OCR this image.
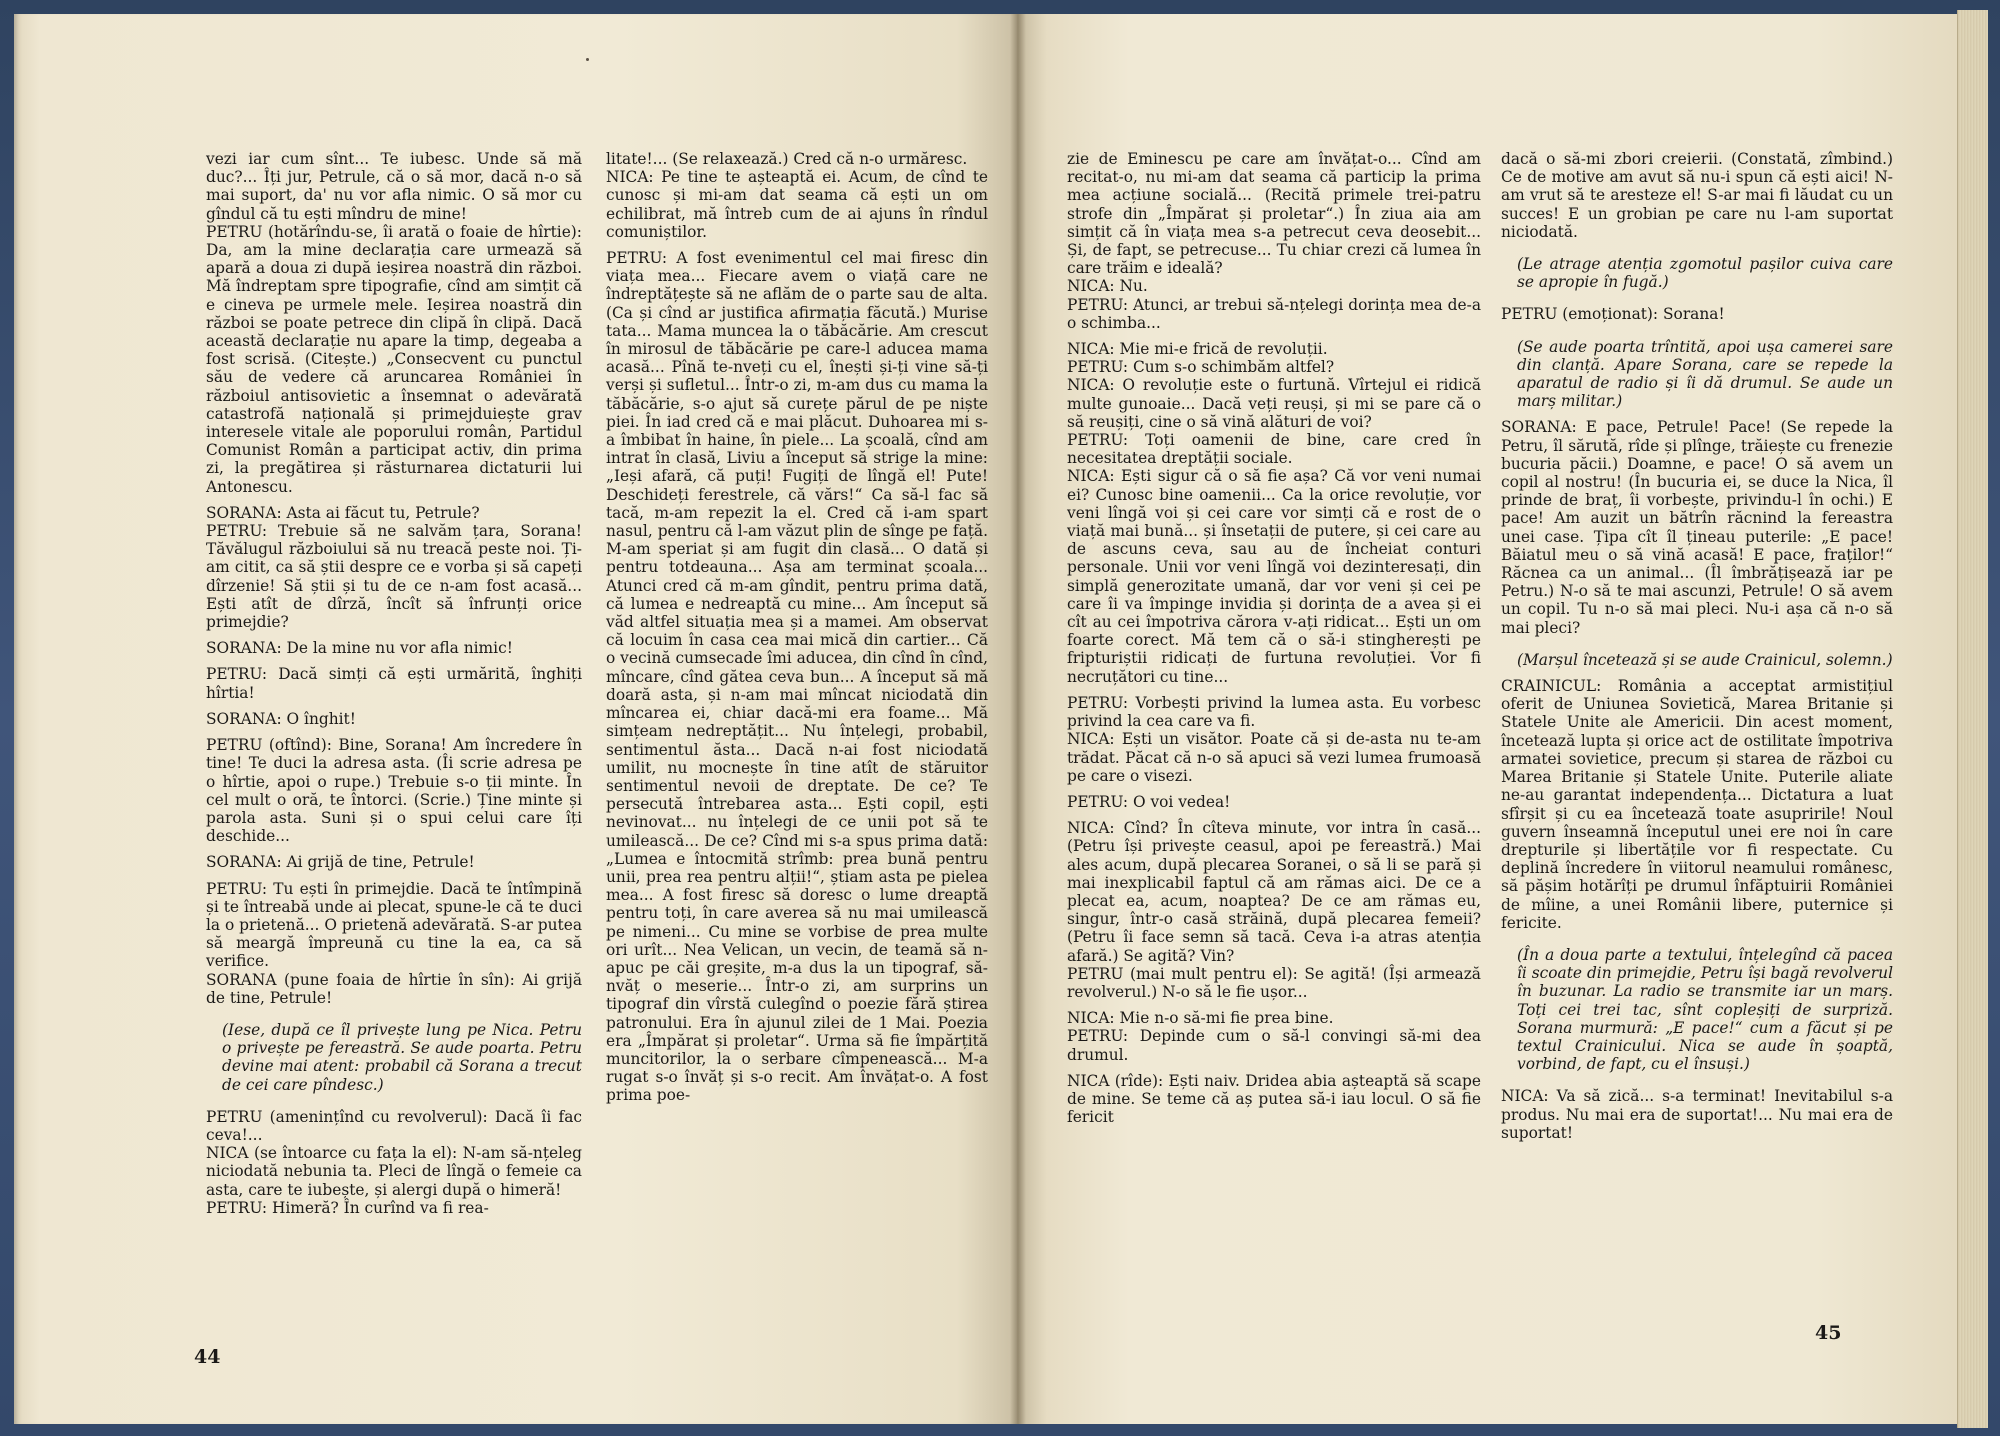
vezi iar cum sînt... Te iubesc. Unde să mă duc?... Îți jur, Petrule, că o să mor, dacă n-o să mai suport, da' nu vor afla nimic. O să mor cu gîndul că tu ești mîndru de mine!

PETRU (hotărîndu-se, îi arată o foaie de hîrtie): Da, am la mine declarația care urmează să apară a doua zi după ieșirea noastră din război. Mă îndreptam spre tipografie, cînd am simțit că e cineva pe urmele mele. Ieșirea noastră din război se poate petrece din clipă în clipă. Dacă această declarație nu apare la timp, degeaba a fost scrisă. (Citește.) „Consecvent cu punctul său de vedere că aruncarea României în războiul antisovietic a însemnat o adevărată catastrofă națională și primejduiește grav interesele vitale ale poporului român, Partidul Comunist Român a participat activ, din prima zi, la pregătirea și răsturnarea dictaturii lui Antonescu.

SORANA: Asta ai făcut tu, Petrule?

PETRU: Trebuie să ne salvăm țara, Sorana! Tăvălugul războiului să nu treacă peste noi. Ți-am citit, ca să știi despre ce e vorba și să capeți dîrzenie! Să știi și tu de ce n-am fost acasă... Ești atît de dîrză, încît să înfrunți orice primejdie?

SORANA: De la mine nu vor afla nimic!

PETRU: Dacă simți că ești urmărită, înghiți hîrtia!

SORANA: O înghit!

PETRU (oftînd): Bine, Sorana! Am încredere în tine! Te duci la adresa asta. (Îi scrie adresa pe o hîrtie, apoi o rupe.) Trebuie s-o ții minte. În cel mult o oră, te întorci. (Scrie.) Ține minte și parola asta. Suni și o spui celui care îți deschide...

SORANA: Ai grijă de tine, Petrule!

PETRU: Tu ești în primejdie. Dacă te întîmpină și te întreabă unde ai plecat, spune-le că te duci la o prietenă... O prietenă adevărată. S-ar putea să meargă împreună cu tine la ea, ca să verifice.

SORANA (pune foaia de hîrtie în sîn): Ai grijă de tine, Petrule!

(Iese, după ce îl privește lung pe Nica. Petru o privește pe fereastră. Se aude poarta. Petru devine mai atent: probabil că Sorana a trecut de cei care pîndesc.)

PETRU (amenințînd cu revolverul): Dacă îi fac ceva!...

NICA (se întoarce cu fața la el): N-am să-nțeleg niciodată nebunia ta. Pleci de lîngă o femeie ca asta, care te iubește, și alergi după o himeră!

PETRU: Himeră? În curînd va fi rea-

litate!... (Se relaxează.) Cred că n-o urmăresc.

NICA: Pe tine te așteaptă ei. Acum, de cînd te cunosc și mi-am dat seama că ești un om echilibrat, mă întreb cum de ai ajuns în rîndul comuniștilor.

PETRU: A fost evenimentul cel mai firesc din viața mea... Fiecare avem o viață care ne îndreptățește să ne aflăm de o parte sau de alta. (Ca și cînd ar justifica afirmația făcută.) Murise tata... Mama muncea la o tăbăcărie. Am crescut în mirosul de tăbăcărie pe care-l aducea mama acasă... Pînă te-nveți cu el, înești și-ți vine să-ți verși și sufletul... Într-o zi, m-am dus cu mama la tăbăcărie, s-o ajut să curețe părul de pe niște piei. În iad cred că e mai plăcut. Duhoarea mi s-a îmbibat în haine, în piele... La școală, cînd am intrat în clasă, Liviu a început să strige la mine: „Ieși afară, că puți! Fugiți de lîngă el! Pute! Deschideți ferestrele, că vărs!“ Ca să-l fac să tacă, m-am repezit la el. Cred că i-am spart nasul, pentru că l-am văzut plin de sînge pe față. M-am speriat și am fugit din clasă... O dată și pentru totdeauna... Așa am terminat școala... Atunci cred că m-am gîndit, pentru prima dată, că lumea e nedreaptă cu mine... Am început să văd altfel situația mea și a mamei. Am observat că locuim în casa cea mai mică din cartier... Că o vecină cumsecade îmi aducea, din cînd în cînd, mîncare, cînd gătea ceva bun... A început să mă doară asta, și n-am mai mîncat niciodată din mîncarea ei, chiar dacă-mi era foame... Mă simțeam nedreptățit... Nu înțelegi, probabil, sentimentul ăsta... Dacă n-ai fost niciodată umilit, nu mocnește în tine atît de stăruitor sentimentul nevoii de dreptate. De ce? Te persecută întrebarea asta... Ești copil, ești nevinovat... nu înțelegi de ce unii pot să te umilească... De ce? Cînd mi s-a spus prima dată: „Lumea e întocmită strîmb: prea bună pentru unii, prea rea pentru alții!“, știam asta pe pielea mea... A fost firesc să doresc o lume dreaptă pentru toți, în care averea să nu mai umilească pe nimeni... Cu mine se vorbise de prea multe ori urît... Nea Velican, un vecin, de teamă să n-apuc pe căi greșite, m-a dus la un tipograf, să-nvăț o meserie... Într-o zi, am surprins un tipograf din vîrstă culegînd o poezie fără știrea patronului. Era în ajunul zilei de 1 Mai. Poezia era „Împărat și proletar“. Urma să fie împărțită muncitorilor, la o serbare cîmpenească... M-a rugat s-o învăț și s-o recit. Am învățat-o. A fost prima poe-

44

zie de Eminescu pe care am învățat-o... Cînd am recitat-o, nu mi-am dat seama că particip la prima mea acțiune socială... (Recită primele trei-patru strofe din „Împărat și proletar“.) În ziua aia am simțit că în viața mea s-a petrecut ceva deosebit... Și, de fapt, se petrecuse... Tu chiar crezi că lumea în care trăim e ideală?

NICA: Nu.

PETRU: Atunci, ar trebui să-nțelegi dorința mea de-a o schimba...

NICA: Mie mi-e frică de revoluții.

PETRU: Cum s-o schimbăm altfel?

NICA: O revoluție este o furtună. Vîrtejul ei ridică multe gunoaie... Dacă veți reuși, și mi se pare că o să reușiți, cine o să vină alături de voi?

PETRU: Toți oamenii de bine, care cred în necesitatea dreptății sociale.

NICA: Ești sigur că o să fie așa? Că vor veni numai ei? Cunosc bine oamenii... Ca la orice revoluție, vor veni lîngă voi și cei care vor simți că e rost de o viață mai bună... și însetații de putere, și cei care au de ascuns ceva, sau au de încheiat conturi personale. Unii vor veni lîngă voi dezinteresați, din simplă generozitate umană, dar vor veni și cei pe care îi va împinge invidia și dorința de a avea și ei cît au cei împotriva cărora v-ați ridicat... Ești un om foarte corect. Mă tem că o să-i stingherești pe fripturiștii ridicați de furtuna revoluției. Vor fi necruțători cu tine...

PETRU: Vorbești privind la lumea asta. Eu vorbesc privind la cea care va fi.

NICA: Ești un visător. Poate că și de-asta nu te-am trădat. Păcat că n-o să apuci să vezi lumea frumoasă pe care o visezi.

PETRU: O voi vedea!

NICA: Cînd? În cîteva minute, vor intra în casă... (Petru își privește ceasul, apoi pe fereastră.) Mai ales acum, după plecarea Soranei, o să li se pară și mai inexplicabil faptul că am rămas aici. De ce a plecat ea, acum, noaptea? De ce am rămas eu, singur, într-o casă străină, după plecarea femeii? (Petru îi face semn să tacă. Ceva i-a atras atenția afară.) Se agită? Vin?

PETRU (mai mult pentru el): Se agită! (Își armează revolverul.) N-o să le fie ușor...

NICA: Mie n-o să-mi fie prea bine.

PETRU: Depinde cum o să-l convingi să-mi dea drumul.

NICA (rîde): Ești naiv. Dridea abia așteaptă să scape de mine. Se teme că aș putea să-i iau locul. O să fie fericit

dacă o să-mi zbori creierii. (Constată, zîmbind.) Ce de motive am avut să nu-i spun că ești aici! N-am vrut să te aresteze el! S-ar mai fi lăudat cu un succes! E un grobian pe care nu l-am suportat niciodată.

(Le atrage atenția zgomotul pașilor cuiva care se apropie în fugă.)

PETRU (emoționat): Sorana!

(Se aude poarta trîntită, apoi ușa camerei sare din clanță. Apare Sorana, care se repede la aparatul de radio și îi dă drumul. Se aude un marș militar.)

SORANA: E pace, Petrule! Pace! (Se repede la Petru, îl sărută, rîde și plînge, trăiește cu frenezie bucuria păcii.) Doamne, e pace! O să avem un copil al nostru! (În bucuria ei, se duce la Nica, îl prinde de braț, îi vorbește, privindu-l în ochi.) E pace! Am auzit un bătrîn răcnind la fereastra unei case. Țipa cît îl țineau puterile: „E pace! Băiatul meu o să vină acasă! E pace, fraților!“ Răcnea ca un animal... (Îl îmbrățișează iar pe Petru.) N-o să te mai ascunzi, Petrule! O să avem un copil. Tu n-o să mai pleci. Nu-i așa că n-o să mai pleci?

(Marșul încetează și se aude Crainicul, solemn.)

CRAINICUL: România a acceptat armistițiul oferit de Uniunea Sovietică, Marea Britanie și Statele Unite ale Americii. Din acest moment, încetează lupta și orice act de ostilitate împotriva armatei sovietice, precum și starea de război cu Marea Britanie și Statele Unite. Puterile aliate ne-au garantat independența... Dictatura a luat sfîrșit și cu ea încetează toate asupririle! Noul guvern înseamnă începutul unei ere noi în care drepturile și libertățile vor fi respectate. Cu deplină încredere în viitorul neamului românesc, să pășim hotărîți pe drumul înfăptuirii României de mîine, a unei Românii libere, puternice și fericite.

(În a doua parte a textului, înțelegînd că pacea îi scoate din primejdie, Petru își bagă revolverul în buzunar. La radio se transmite iar un marș. Toți cei trei tac, sînt copleșiți de surpriză. Sorana murmură: „E pace!“ cum a făcut și pe textul Crainicului. Nica se aude în șoaptă, vorbind, de fapt, cu el însuși.)

NICA: Va să zică... s-a terminat! Inevitabilul s-a produs. Nu mai era de suportat!... Nu mai era de suportat!

45
